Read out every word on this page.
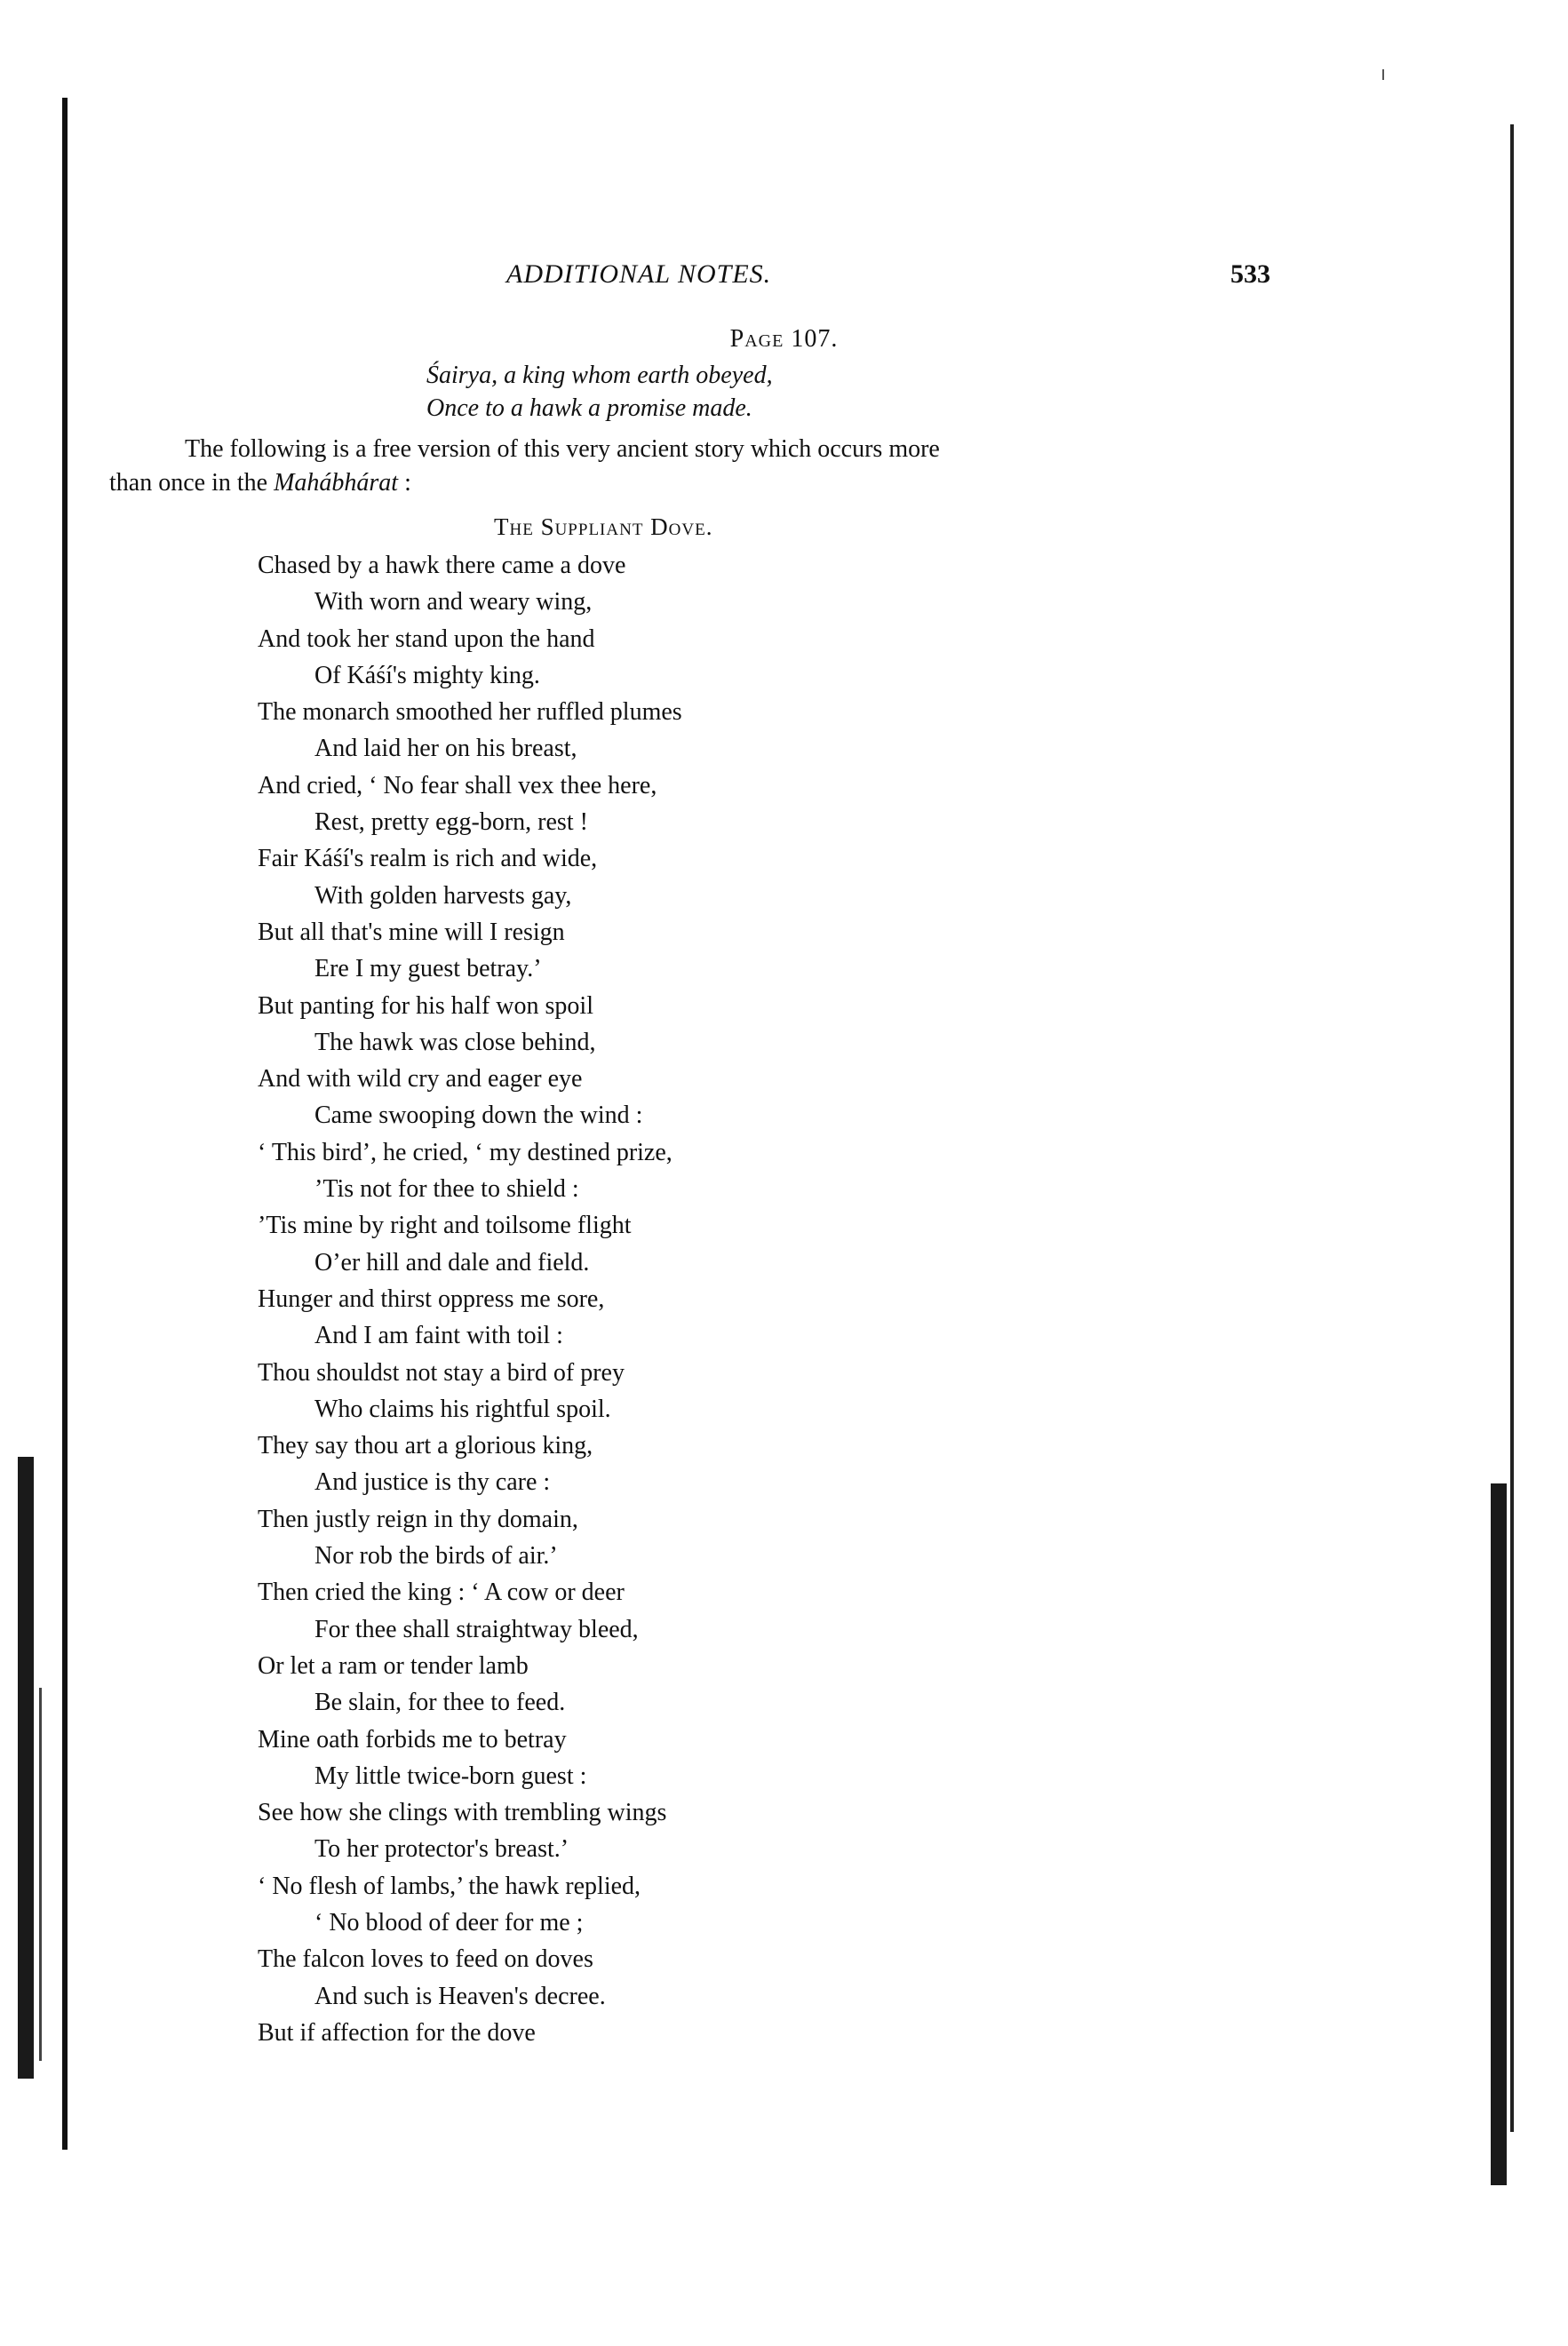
ADDITIONAL NOTES.	533
Page 107.
Śairya, a king whom earth obeyed,
Once to a hawk a promise made.
The following is a free version of this very ancient story which occurs more
than once in the Mahábhárat :
The Suppliant Dove.
Chased by a hawk there came a dove
With worn and weary wing,
And took her stand upon the hand
Of Káśí's mighty king.
The monarch smoothed her ruffled plumes
And laid her on his breast,
And cried, ‘ No fear shall vex thee here,
Rest, pretty egg-born, rest !
Fair Káśí's realm is rich and wide,
With golden harvests gay,
But all that's mine will I resign
Ere I my guest betray.’
But panting for his half won spoil
The hawk was close behind,
And with wild cry and eager eye
Came swooping down the wind :
‘ This bird’, he cried, ‘ my destined prize,
’Tis not for thee to shield :
’Tis mine by right and toilsome flight
O’er hill and dale and field.
Hunger and thirst oppress me sore,
And I am faint with toil :
Thou shouldst not stay a bird of prey
Who claims his rightful spoil.
They say thou art a glorious king,
And justice is thy care :
Then justly reign in thy domain,
Nor rob the birds of air.’
Then cried the king : ‘ A cow or deer
For thee shall straightway bleed,
Or let a ram or tender lamb
Be slain, for thee to feed.
Mine oath forbids me to betray
My little twice-born guest :
See how she clings with trembling wings
To her protector's breast.’
‘ No flesh of lambs,’ the hawk replied,
‘ No blood of deer for me ;
The falcon loves to feed on doves
And such is Heaven's decree.
But if affection for the dove
